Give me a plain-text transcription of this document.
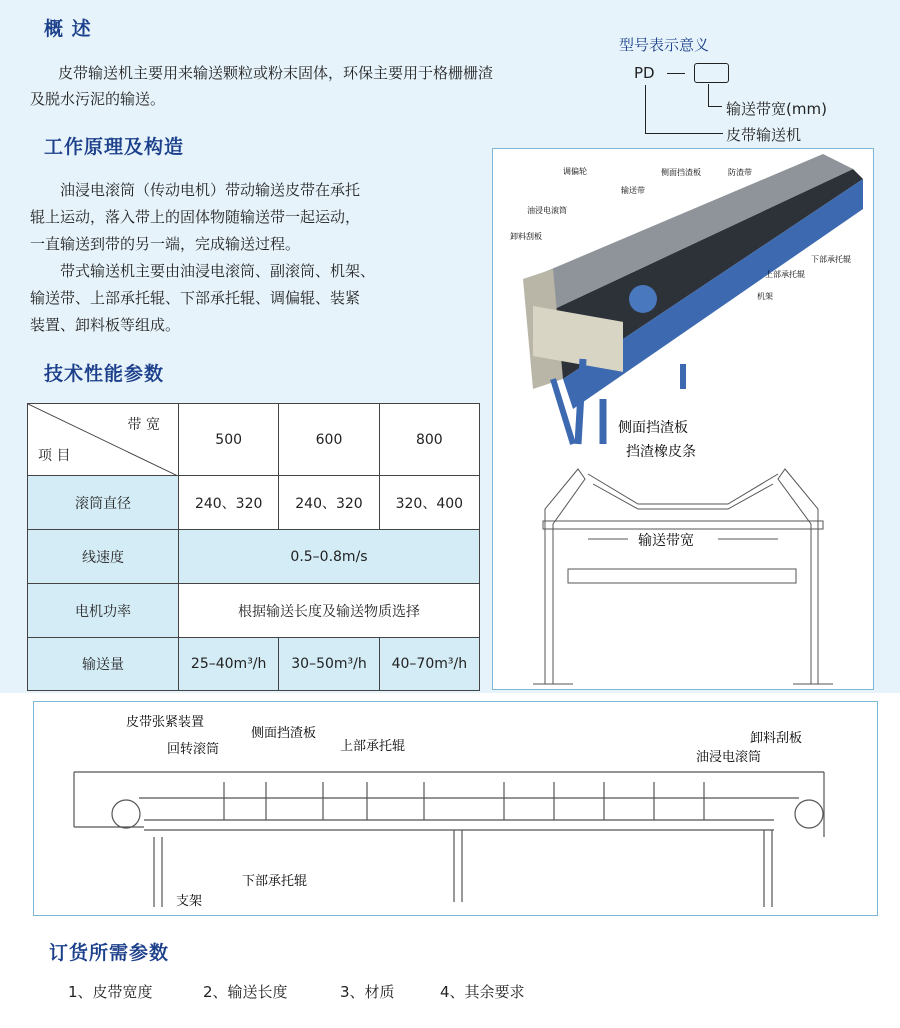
概 述
皮带输送机主要用来输送颗粒或粉末固体，环保主要用于格栅栅渣
及脱水污泥的输送。
型号表示意义
PD
输送带宽(mm)
皮带输送机
工作原理及构造
油浸电滚筒（传动电机）带动输送皮带在承托
辊上运动，落入带上的固体物随输送带一起运动，
一直输送到带的另一端，完成输送过程。
带式输送机主要由油浸电滚筒、副滚筒、机架、
输送带、上部承托辊、下部承托辊、调偏辊、装紧
装置、卸料板等组成。
技术性能参数
带 宽
项 目	500	600	800
滚筒直径	240、320	240、320	320、400
线速度	0.5–0.8m/s		
电机功率	根据输送长度及输送物质选择		
输送量	25–40m³/h	30–50m³/h	40–70m³/h
调偏轮
输送带
侧面挡渣板	防渣带
油浸电滚筒
卸料刮板
下部承托辊
上部承托辊
机架
侧面挡渣板
挡渣橡皮条
输送带宽
皮带张紧装置
回转滚筒
侧面挡渣板
上部承托辊
卸料刮板
油浸电滚筒
下部承托辊
支架
订货所需参数
1、皮带宽度	2、输送长度	3、材质	4、其余要求
